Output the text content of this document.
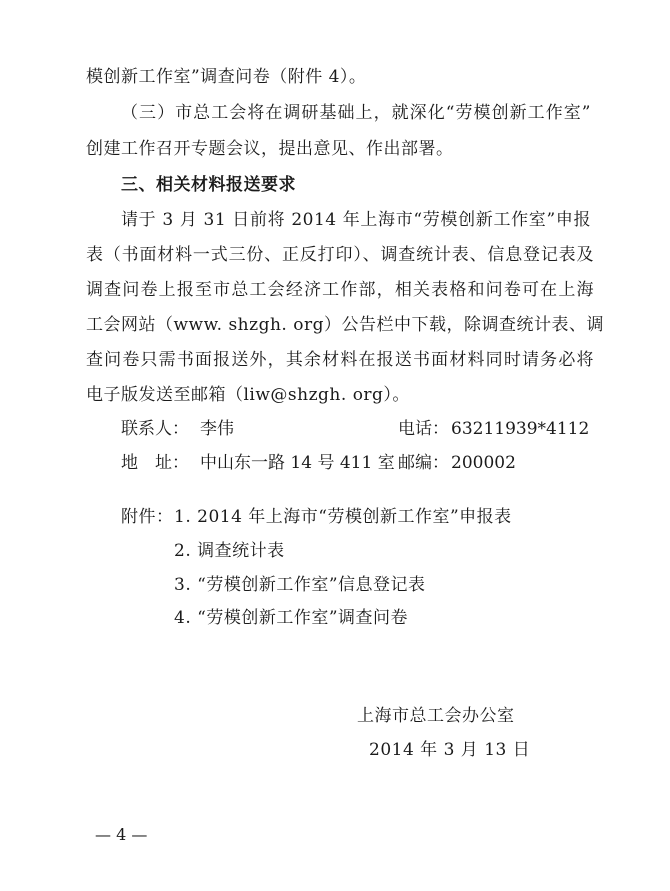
模创新工作室”调查问卷（附件 4）。
（三）市总工会将在调研基础上，就深化“劳模创新工作室”
创建工作召开专题会议，提出意见、作出部署。
三、相关材料报送要求
请于 3 月 31 日前将 2014 年上海市“劳模创新工作室”申报
表（书面材料一式三份、正反打印）、调查统计表、信息登记表及
调查问卷上报至市总工会经济工作部，相关表格和问卷可在上海
工会网站（www. shzgh. org）公告栏中下载，除调查统计表、调
查问卷只需书面报送外，其余材料在报送书面材料同时请务必将
电子版发送至邮箱（liw@shzgh. org）。
联系人： 李伟	电话： 63211939*4112
地　址： 中山东一路 14 号 411 室 邮编： 200002
附件： 1. 2014 年上海市“劳模创新工作室”申报表
2. 调查统计表
3. “劳模创新工作室”信息登记表
4. “劳模创新工作室”调查问卷
上海市总工会办公室
2014 年 3 月 13 日
— 4 —
